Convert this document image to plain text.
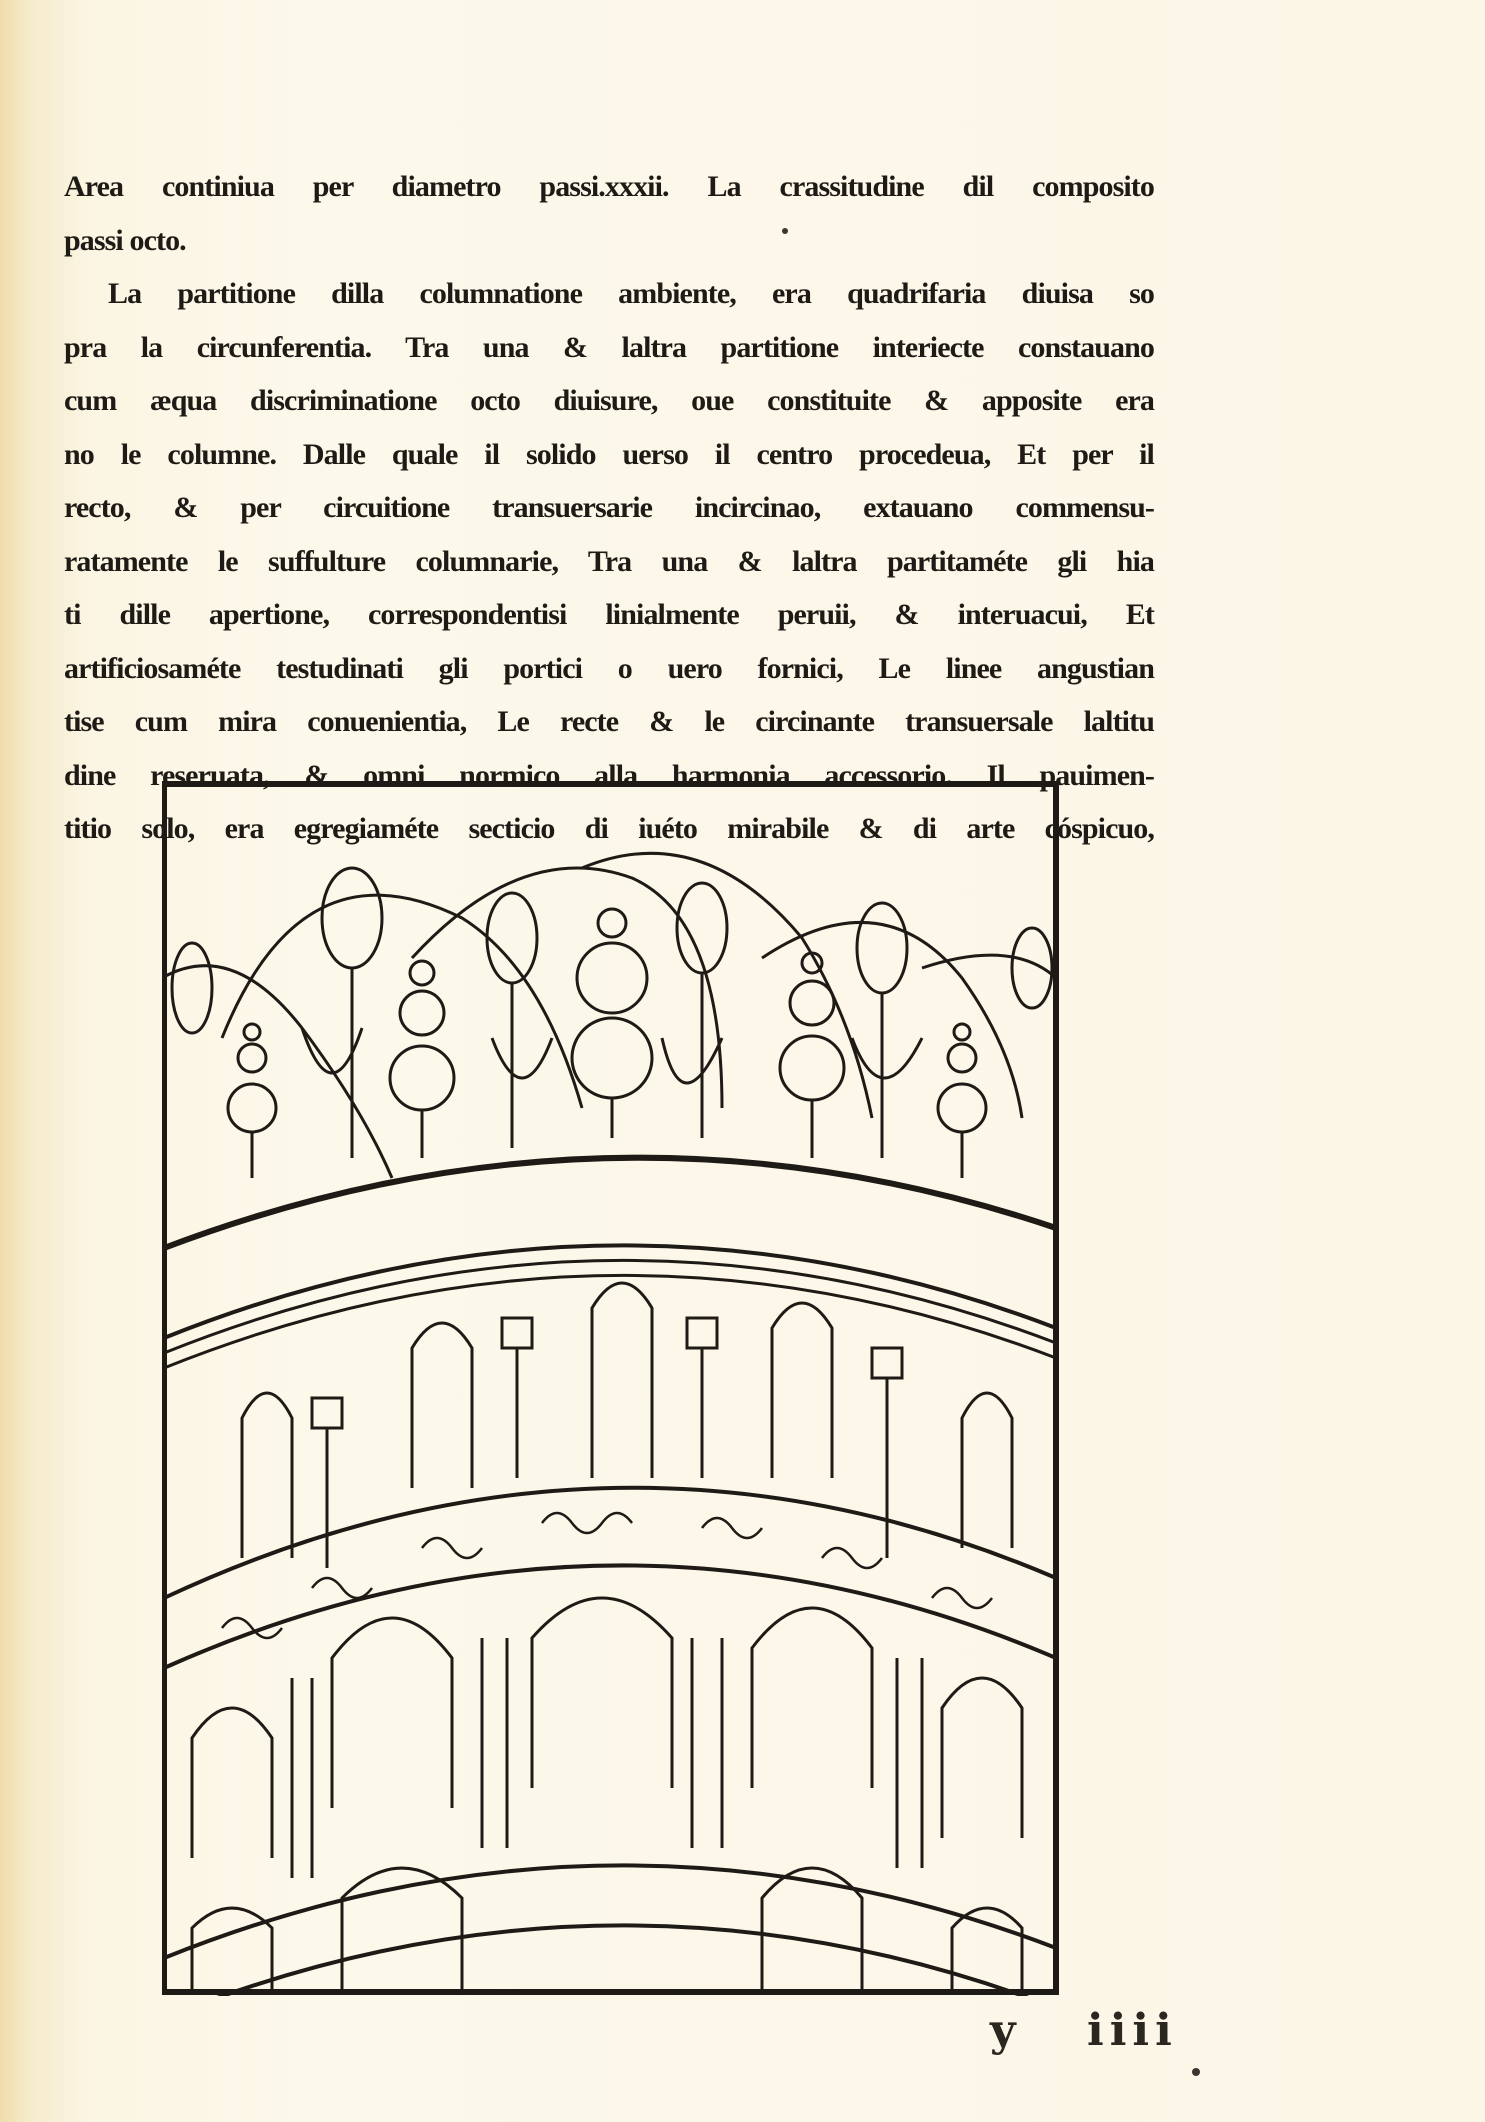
Area continiua per diametro passi.xxxii. La crassitudine dil composito
passi octo.
La partitione dilla columnatione ambiente, era quadrifaria diuisa so
pra la circunferentia. Tra una & laltra partitione interiecte constauano
cum æqua discriminatione octo diuisure, oue constituite & apposite era
no le columne. Dalle quale il solido uerso il centro procedeua, Et per il
recto, & per circuitione transuersarie incircinao, extauano commensu-
ratamente le suffulture columnarie, Tra una & laltra partitaméte gli hia
ti dille apertione, correspondentisi linialmente peruii, & interuacui, Et
artificiosaméte testudinati gli portici o uero fornici, Le linee angustian
tise cum mira conuenientia, Le recte & le circinante transuersale laltitu
dine reseruata, & omni normico alla harmonia accessorio. Il pauimen-
titio solo, era egregiaméte secticio di iuéto mirabile & di arte cóspicuo,
y iiii
